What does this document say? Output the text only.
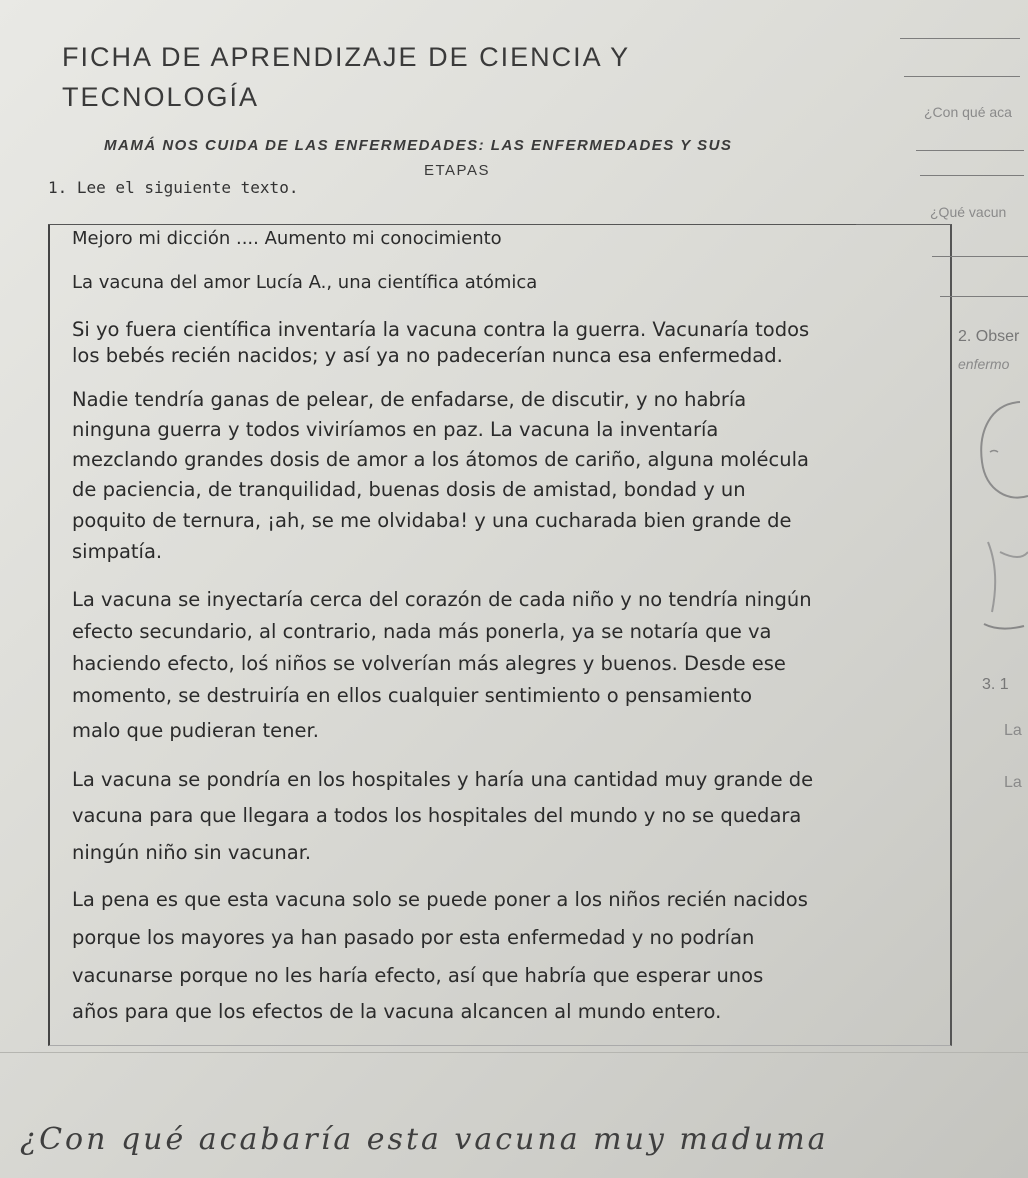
FICHA DE APRENDIZAJE DE CIENCIA Y
TECNOLOGÍA
MAMÁ NOS CUIDA DE LAS ENFERMEDADES: LAS ENFERMEDADES Y SUS
ETAPAS
1. Lee el siguiente texto.
Mejoro mi dicción .... Aumento mi conocimiento
La vacuna del amor Lucía A., una científica atómica
Si yo fuera científica inventaría la vacuna contra la guerra. Vacunaría todos
los bebés recién nacidos; y así ya no padecerían nunca esa enfermedad.
Nadie tendría ganas de pelear, de enfadarse, de discutir, y no habría
ninguna guerra y todos viviríamos en paz. La vacuna la inventaría
mezclando grandes dosis de amor a los átomos de cariño, alguna molécula
de paciencia, de tranquilidad, buenas dosis de amistad, bondad y un
poquito de ternura, ¡ah, se me olvidaba! y una cucharada bien grande de
simpatía.
La vacuna se inyectaría cerca del corazón de cada niño y no tendría ningún
efecto secundario, al contrario, nada más ponerla, ya se notaría que va
haciendo efecto, loś niños se volverían más alegres y buenos. Desde ese
momento, se destruiría en ellos cualquier sentimiento o pensamiento
malo que pudieran tener.
La vacuna se pondría en los hospitales y haría una cantidad muy grande de
vacuna para que llegara a todos los hospitales del mundo y no se quedara
ningún niño sin vacunar.
La pena es que esta vacuna solo se puede poner a los niños recién nacidos
porque los mayores ya han pasado por esta enfermedad y no podrían
vacunarse porque no les haría efecto, así que habría que esperar unos
años para que los efectos de la vacuna alcancen al mundo entero.
¿Con qué aca
¿Qué vacun
2. Obser
enfermo
3. 1
La
La
¿Con qué acabaría esta vacuna muy maduma
